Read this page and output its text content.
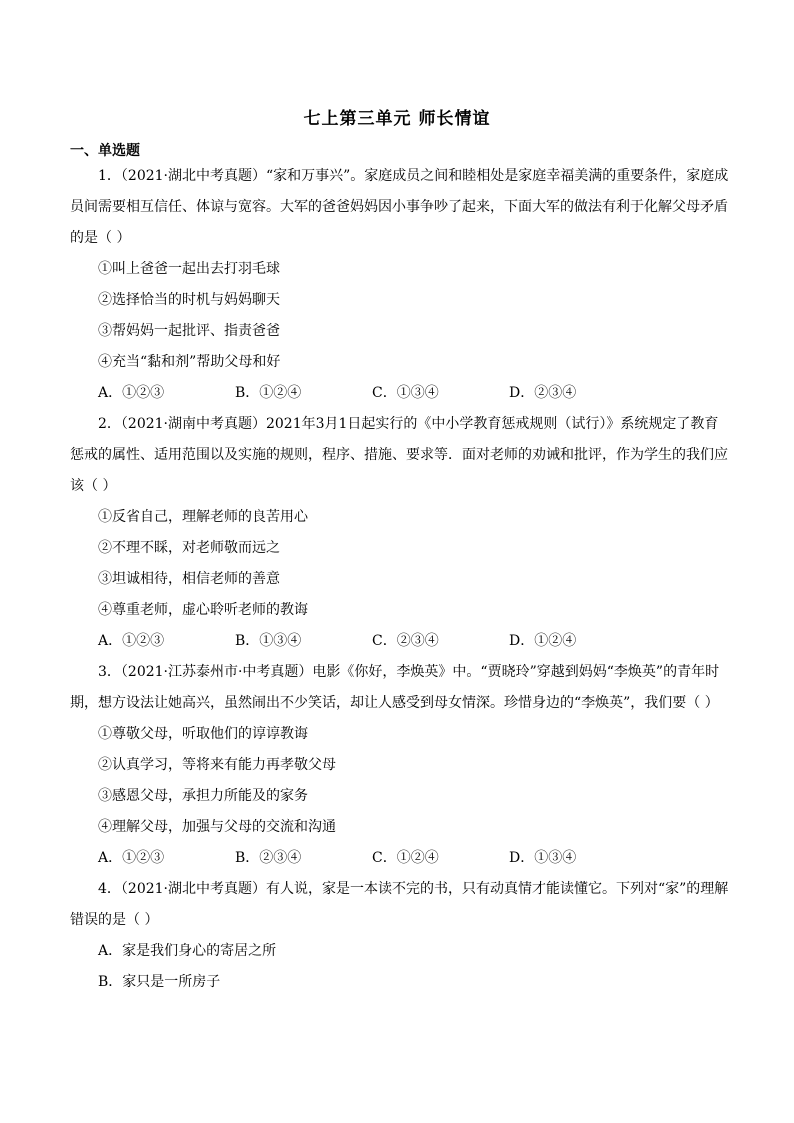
七上第三单元 师长情谊
一、单选题

1．（2021·湖北中考真题）“家和万事兴”。家庭成员之间和睦相处是家庭幸福美满的重要条件，家庭成员间需要相互信任、体谅与宽容。大军的爸爸妈妈因小事争吵了起来，下面大军的做法有利于化解父母矛盾的是（ ）

①叫上爸爸一起出去打羽毛球

②选择恰当的时机与妈妈聊天

③帮妈妈一起批评、指责爸爸

④充当“黏和剂”帮助父母和好

A．①②③	B．①②④	C．①③④	D．②③④

2．（2021·湖南中考真题）2021年3月1日起实行的《中小学教育惩戒规则（试行）》系统规定了教育惩戒的属性、适用范围以及实施的规则，程序、措施、要求等．面对老师的劝诫和批评，作为学生的我们应该（ ）

①反省自己，理解老师的良苦用心

②不理不睬，对老师敬而远之

③坦诚相待，相信老师的善意

④尊重老师，虚心聆听老师的教诲

A．①②③	B．①③④	C．②③④	D．①②④

3．（2021·江苏泰州市·中考真题）电影《你好，李焕英》中。“贾晓玲”穿越到妈妈“李焕英”的青年时期，想方设法让她高兴，虽然闹出不少笑话，却让人感受到母女情深。珍惜身边的“李焕英”，我们要（ ）

①尊敬父母，听取他们的谆谆教诲

②认真学习，等将来有能力再孝敬父母

③感恩父母，承担力所能及的家务

④理解父母，加强与父母的交流和沟通

A．①②③	B．②③④	C．①②④	D．①③④

4．（2021·湖北中考真题）有人说，家是一本读不完的书，只有动真情才能读懂它。下列对“家”的理解错误的是（ ）

A．家是我们身心的寄居之所

B．家只是一所房子
